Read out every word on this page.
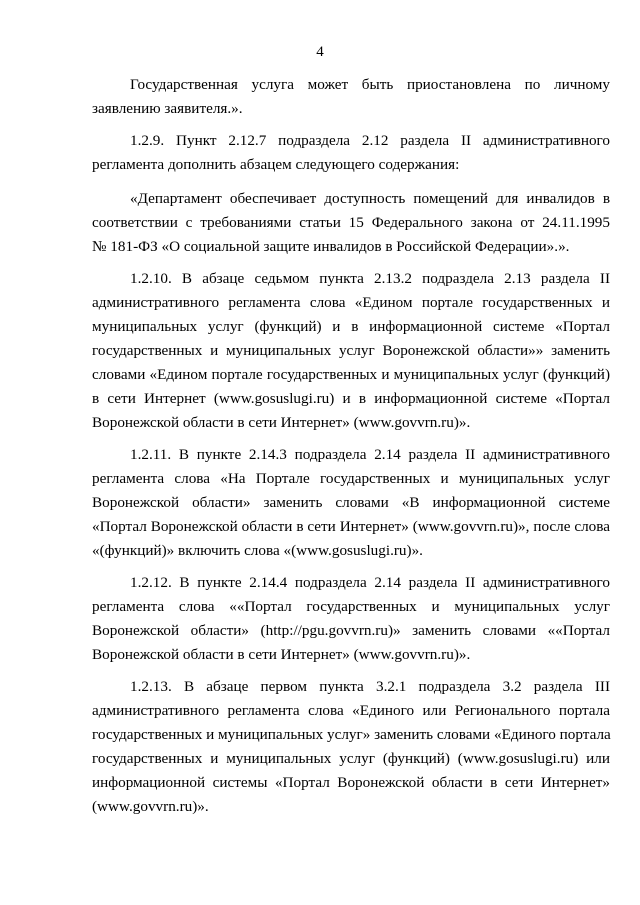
4
Государственная услуга может быть приостановлена по личному
заявлению заявителя.».
1.2.9. Пункт 2.12.7 подраздела 2.12 раздела II административного
регламента дополнить абзацем следующего содержания:
«Департамент обеспечивает доступность помещений для инвалидов в
соответствии с требованиями статьи 15 Федерального закона от 24.11.1995
№ 181-ФЗ «О социальной защите инвалидов в Российской Федерации».».
1.2.10. В абзаце седьмом пункта 2.13.2 подраздела 2.13 раздела II
административного регламента слова «Едином портале государственных и
муниципальных услуг (функций) и в информационной системе «Портал
государственных и муниципальных услуг Воронежской области»» заменить
словами «Едином портале государственных и муниципальных услуг (функций)
в сети Интернет (www.gosuslugi.ru) и в информационной системе «Портал
Воронежской области в сети Интернет» (www.govvrn.ru)».
1.2.11. В пункте 2.14.3 подраздела 2.14 раздела II административного
регламента слова «На Портале государственных и муниципальных услуг
Воронежской области» заменить словами «В информационной системе
«Портал Воронежской области в сети Интернет» (www.govvrn.ru)», после слова
«(функций)» включить слова «(www.gosuslugi.ru)».
1.2.12. В пункте 2.14.4 подраздела 2.14 раздела II административного
регламента слова ««Портал государственных и муниципальных услуг
Воронежской области» (http://pgu.govvrn.ru)» заменить словами ««Портал
Воронежской области в сети Интернет» (www.govvrn.ru)».
1.2.13. В абзаце первом пункта 3.2.1 подраздела 3.2 раздела III
административного регламента слова «Единого или Регионального портала
государственных и муниципальных услуг» заменить словами «Единого портала
государственных и муниципальных услуг (функций) (www.gosuslugi.ru) или
информационной системы «Портал Воронежской области в сети Интернет»
(www.govvrn.ru)».
